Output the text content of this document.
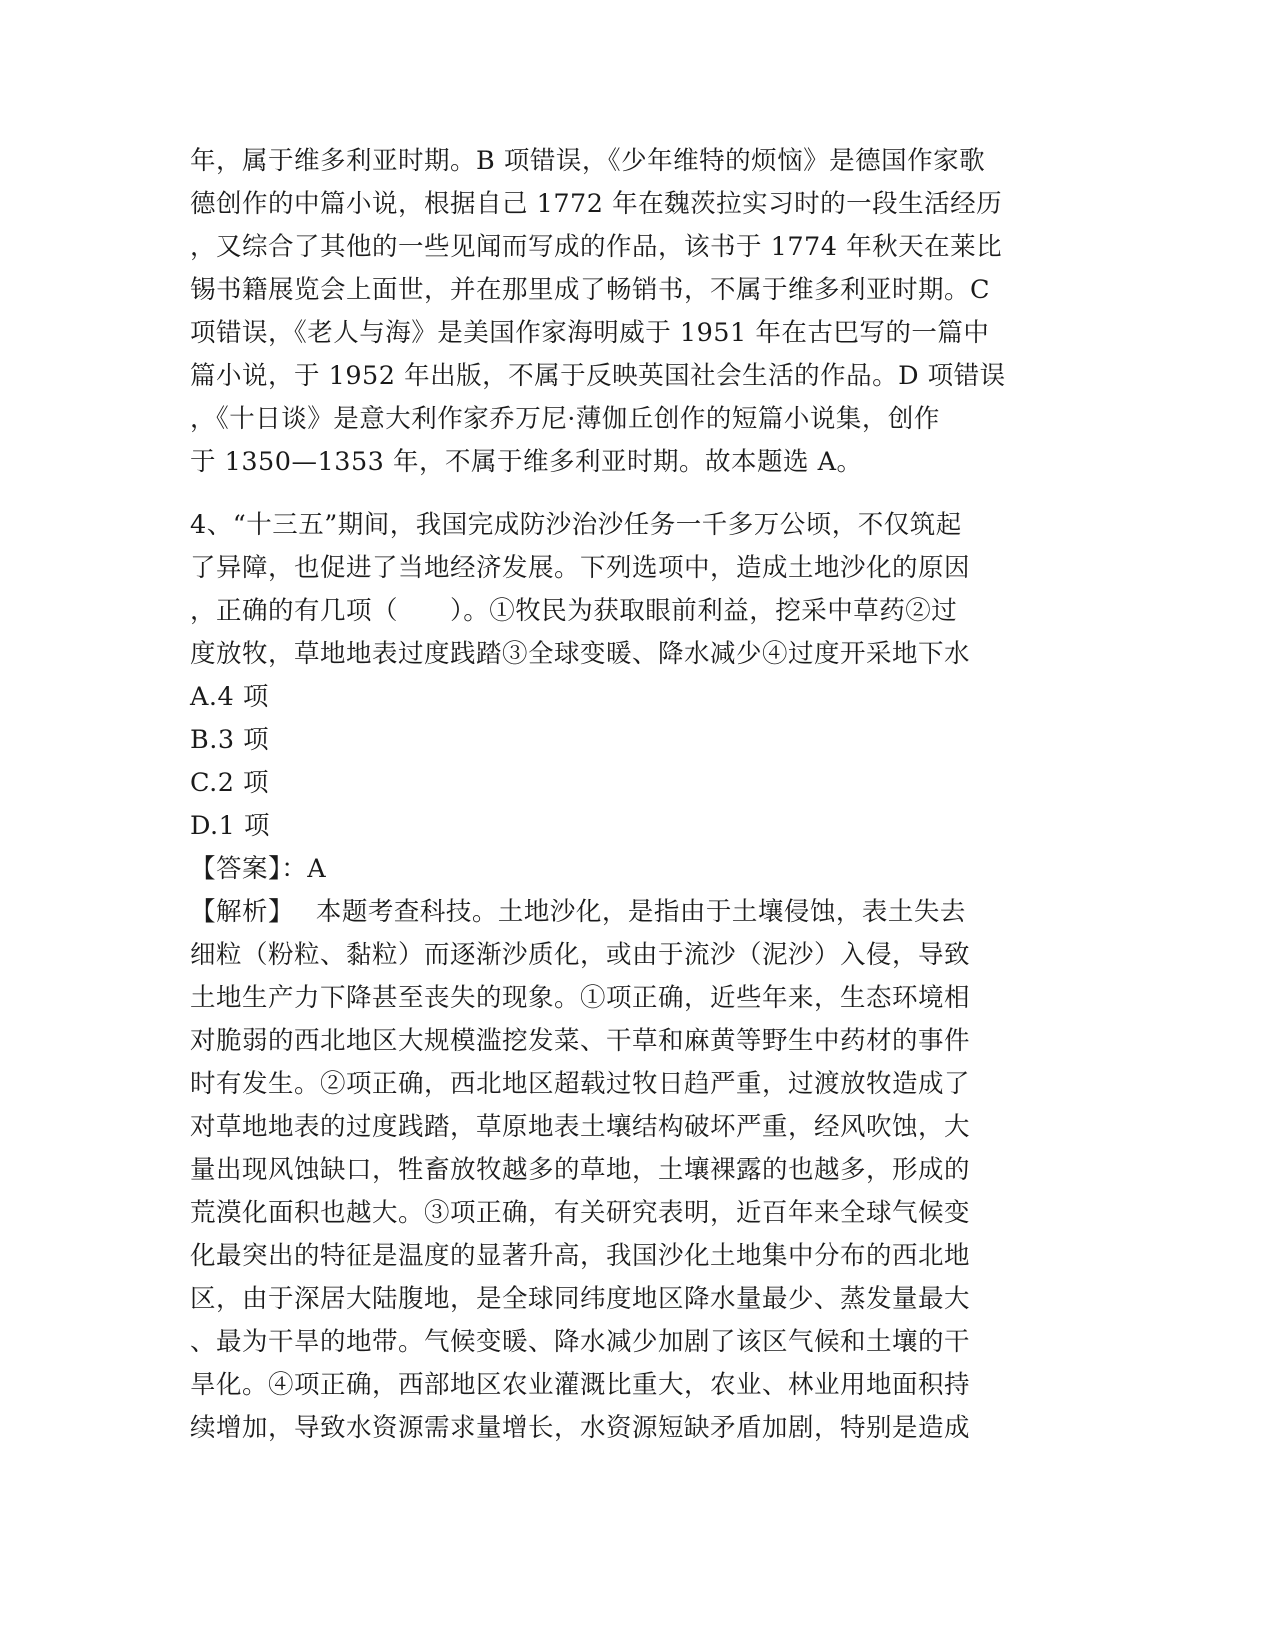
年，属于维多利亚时期。B 项错误，《少年维特的烦恼》是德国作家歌
德创作的中篇小说，根据自己 1772 年在魏茨拉实习时的一段生活经历
，又综合了其他的一些见闻而写成的作品，该书于 1774 年秋天在莱比
锡书籍展览会上面世，并在那里成了畅销书，不属于维多利亚时期。C
项错误，《老人与海》是美国作家海明威于 1951 年在古巴写的一篇中
篇小说，于 1952 年出版，不属于反映英国社会生活的作品。D 项错误
，《十日谈》是意大利作家乔万尼·薄伽丘创作的短篇小说集，创作
于 1350—1353 年，不属于维多利亚时期。故本题选 A。
4、“十三五”期间，我国完成防沙治沙任务一千多万公顷，不仅筑起
了异障，也促进了当地经济发展。下列选项中，造成土地沙化的原因
，正确的有几项（　　）。①牧民为获取眼前利益，挖采中草药②过
度放牧，草地地表过度践踏③全球变暖、降水减少④过度开采地下水
A.4 项
B.3 项
C.2 项
D.1 项
【答案】：A
【解析】　 本题考查科技。土地沙化，是指由于土壤侵蚀，表土失去
细粒（粉粒、黏粒）而逐渐沙质化，或由于流沙（泥沙）入侵，导致
土地生产力下降甚至丧失的现象。①项正确，近些年来，生态环境相
对脆弱的西北地区大规模滥挖发菜、干草和麻黄等野生中药材的事件
时有发生。②项正确，西北地区超载过牧日趋严重，过渡放牧造成了
对草地地表的过度践踏，草原地表土壤结构破坏严重，经风吹蚀，大
量出现风蚀缺口，牲畜放牧越多的草地，土壤裸露的也越多，形成的
荒漠化面积也越大。③项正确，有关研究表明，近百年来全球气候变
化最突出的特征是温度的显著升高，我国沙化土地集中分布的西北地
区，由于深居大陆腹地，是全球同纬度地区降水量最少、蒸发量最大
、最为干旱的地带。气候变暖、降水减少加剧了该区气候和土壤的干
旱化。④项正确，西部地区农业灌溉比重大，农业、林业用地面积持
续增加，导致水资源需求量增长，水资源短缺矛盾加剧，特别是造成
